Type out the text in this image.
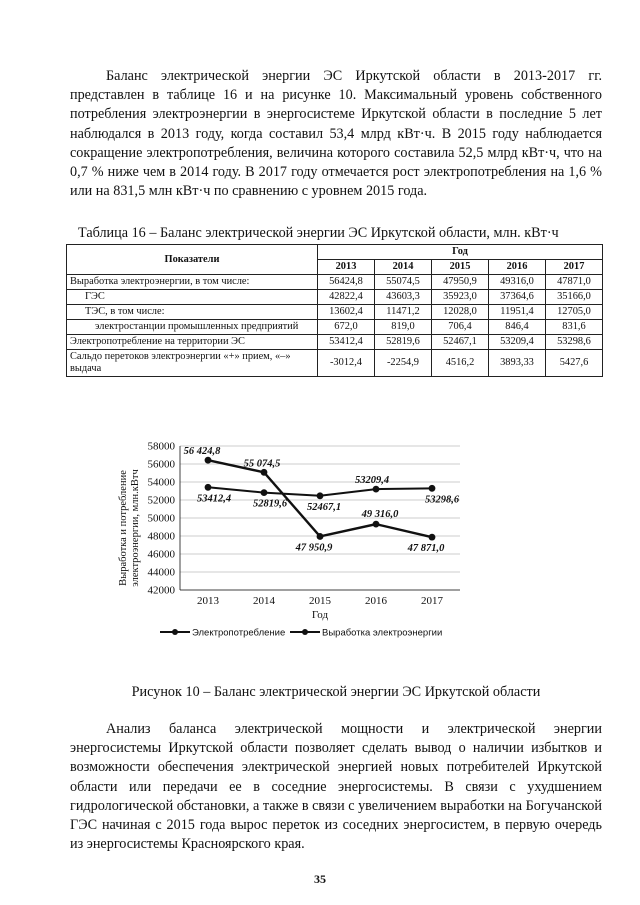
Баланс электрической энергии ЭС Иркутской области в 2013-2017 гг. представлен в таблице 16 и на рисунке 10. Максимальный уровень собственного потребления электроэнергии в энергосистеме Иркутской области в последние 5 лет наблюдался в 2013 году, когда составил 53,4 млрд кВт·ч. В 2015 году наблюдается сокращение электропотребления, величина которого составила 52,5 млрд кВт·ч, что на 0,7 % ниже чем в 2014 году. В 2017 году отмечается рост электропотребления на 1,6 % или на 831,5 млн кВт·ч по сравнению с уровнем 2015 года.

Таблица 16 – Баланс электрической энергии ЭС Иркутской области, млн. кВт·ч

Показатели	Год				
	2013	2014	2015	2016	2017
Выработка электроэнергии, в том числе:	56424,8	55074,5	47950,9	49316,0	47871,0
ГЭС	42822,4	43603,3	35923,0	37364,6	35166,0
ТЭС, в том числе:	13602,4	11471,2	12028,0	11951,4	12705,0
электростанции промышленных предприятий	672,0	819,0	706,4	846,4	831,6
Электропотребление на территории ЭС	53412,4	52819,6	52467,1	53209,4	53298,6
Сальдо перетоков электроэнергии «+» прием, «–» выдача	-3012,4	-2254,9	4516,2	3893,33	5427,6
42000
44000
46000
48000
50000
52000
54000
56000
58000
2013	2014	2015	2016	2017
Год
Выработка и потребление электроэнергии, млн.кВтч	53412,4 52819,6 52467,1
53209,4
53298,6
56 424,8
55 074,5
47 950,9
49 316,0
47 871,0
Электропотребление	Выработка электроэнергии

Рисунок 10 – Баланс электрической энергии ЭС Иркутской области

Анализ баланса электрической мощности и электрической энергии энергосистемы Иркутской области позволяет сделать вывод о наличии избытков и возможности обеспечения электрической энергией новых потребителей Иркутской области или передачи ее в соседние энергосистемы. В связи с ухудшением гидрологической обстановки, а также в связи с увеличением выработки на Богучанской ГЭС начиная с 2015 года вырос переток из соседних энергосистем, в первую очередь из энергосистемы Красноярского края.

35
